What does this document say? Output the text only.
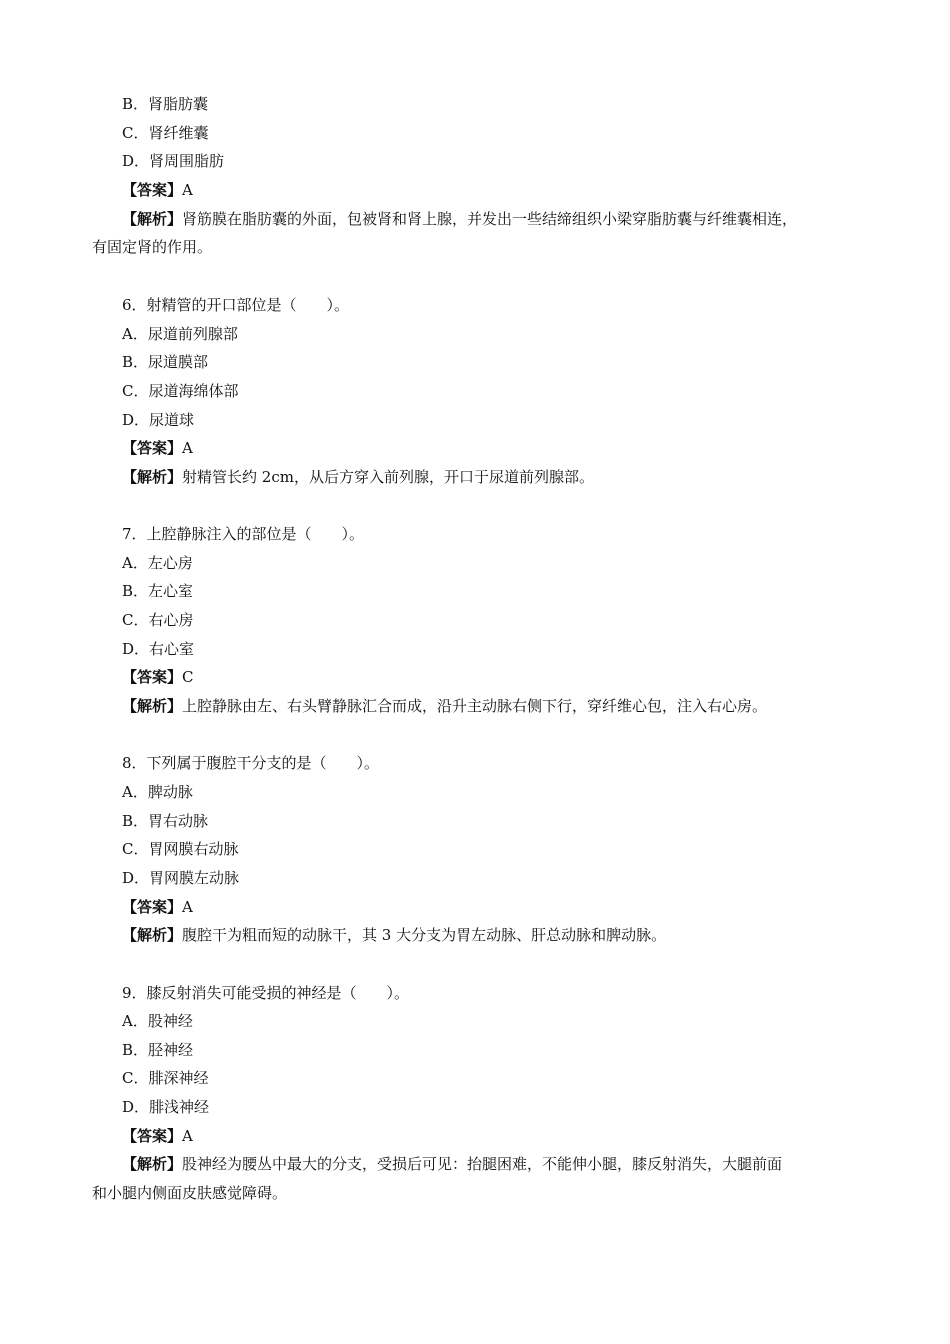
B．肾脂肪囊
C．肾纤维囊
D．肾周围脂肪
【答案】A
【解析】肾筋膜在脂肪囊的外面，包被肾和肾上腺，并发出一些结缔组织小梁穿脂肪囊与纤维囊相连，
有固定肾的作用。
6．射精管的开口部位是（　　）。
A．尿道前列腺部
B．尿道膜部
C．尿道海绵体部
D．尿道球
【答案】A
【解析】射精管长约 2cm，从后方穿入前列腺，开口于尿道前列腺部。
7．上腔静脉注入的部位是（　　）。
A．左心房
B．左心室
C．右心房
D．右心室
【答案】C
【解析】上腔静脉由左、右头臂静脉汇合而成，沿升主动脉右侧下行，穿纤维心包，注入右心房。
8．下列属于腹腔干分支的是（　　）。
A．脾动脉
B．胃右动脉
C．胃网膜右动脉
D．胃网膜左动脉
【答案】A
【解析】腹腔干为粗而短的动脉干，其 3 大分支为胃左动脉、肝总动脉和脾动脉。
9．膝反射消失可能受损的神经是（　　）。
A．股神经
B．胫神经
C．腓深神经
D．腓浅神经
【答案】A
【解析】股神经为腰丛中最大的分支，受损后可见：抬腿困难，不能伸小腿，膝反射消失，大腿前面
和小腿内侧面皮肤感觉障碍。
